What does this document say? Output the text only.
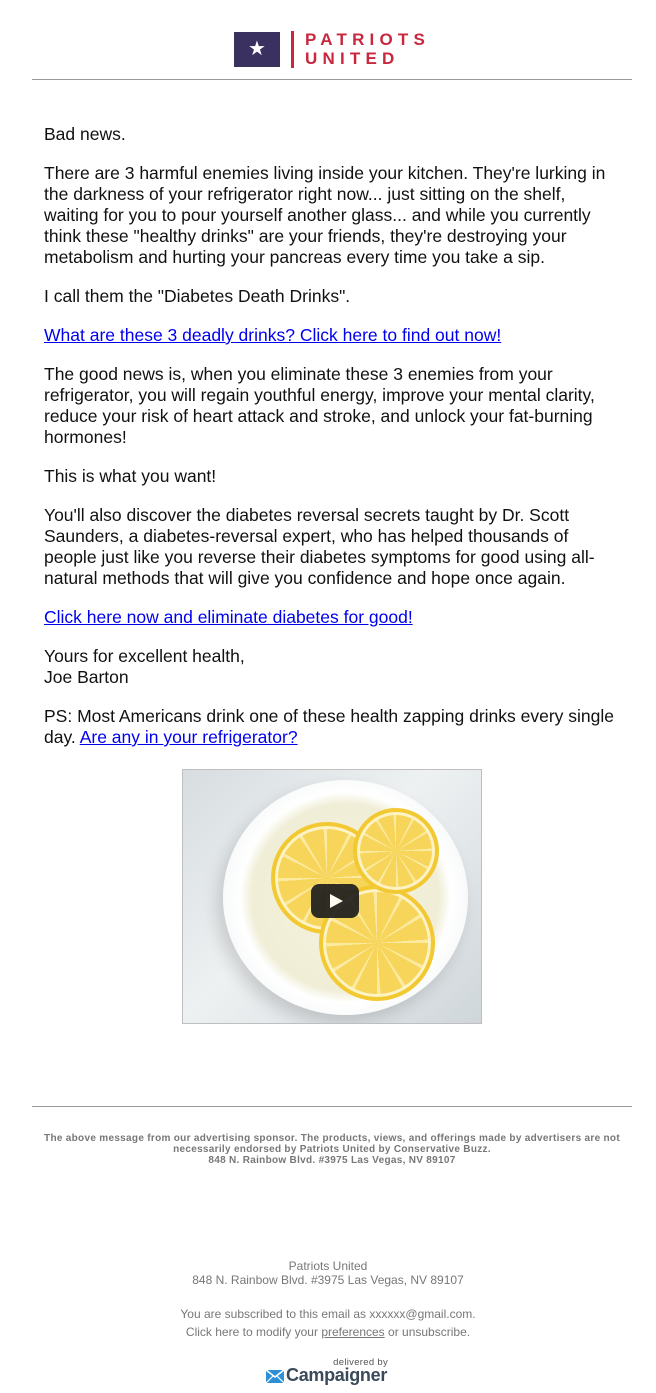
★	PATRIOTS
UNITED

Bad news.

There are 3 harmful enemies living inside your kitchen. They're lurking in the darkness of your refrigerator right now... just sitting on the shelf, waiting for you to pour yourself another glass... and while you currently think these "healthy drinks" are your friends, they're destroying your metabolism and hurting your pancreas every time you take a sip.

I call them the "Diabetes Death Drinks".

What are these 3 deadly drinks? Click here to find out now!

The good news is, when you eliminate these 3 enemies from your refrigerator, you will regain youthful energy, improve your mental clarity, reduce your risk of heart attack and stroke, and unlock your fat-burning hormones!

This is what you want!

You'll also discover the diabetes reversal secrets taught by Dr. Scott Saunders, a diabetes-reversal expert, who has helped thousands of people just like you reverse their diabetes symptoms for good using all-natural methods that will give you confidence and hope once again.

Click here now and eliminate diabetes for good!

Yours for excellent health,
Joe Barton

PS: Most Americans drink one of these health zapping drinks every single day. Are any in your refrigerator?

The above message from our advertising sponsor. The products, views, and offerings made by advertisers are not necessarily endorsed by Patriots United by Conservative Buzz.
848 N. Rainbow Blvd. #3975 Las Vegas, NV 89107
Patriots United
848 N. Rainbow Blvd. #3975 Las Vegas, NV 89107
You are subscribed to this email as xxxxxx@gmail.com.
Click here to modify your preferences or unsubscribe.
delivered by
Campaigner
